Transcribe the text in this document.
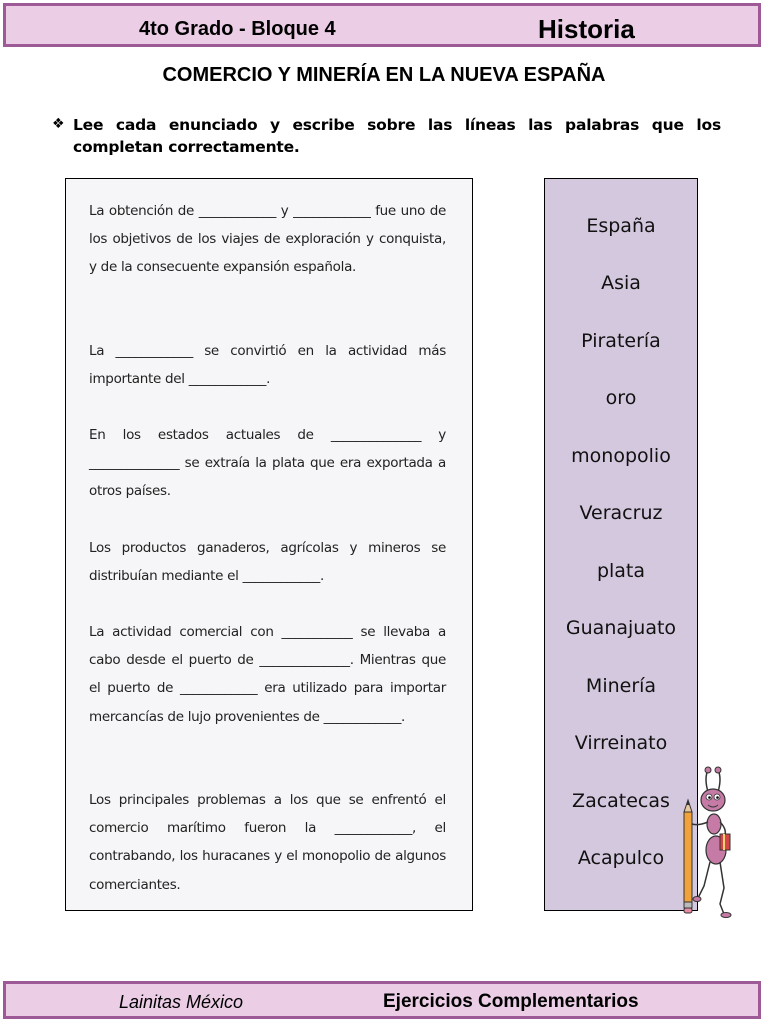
4to Grado - Bloque 4	Historia
COMERCIO Y MINERÍA EN LA NUEVA ESPAÑA
❖ Lee cada enunciado y escribe sobre las líneas las palabras que los completan correctamente.
La obtención de ____________ y ____________ fue uno de los objetivos de los viajes de exploración y conquista, y de la consecuente expansión española.
La ____________ se convirtió en la actividad más importante del ____________.
En los estados actuales de ______________ y ______________ se extraía la plata que era exportada a otros países.
Los productos ganaderos, agrícolas y mineros se distribuían mediante el ____________.
La actividad comercial con ___________ se llevaba a cabo desde el puerto de ______________. Mientras que el puerto de ____________ era utilizado para importar mercancías de lujo provenientes de ____________.
Los principales problemas a los que se enfrentó el comercio marítimo fueron la ____________, el contrabando, los huracanes y el monopolio de algunos comerciantes.
España
Asia
Piratería
oro
monopolio
Veracruz
plata
Guanajuato
Minería
Virreinato
Zacatecas
Acapulco
Lainitas México	Ejercicios Complementarios
